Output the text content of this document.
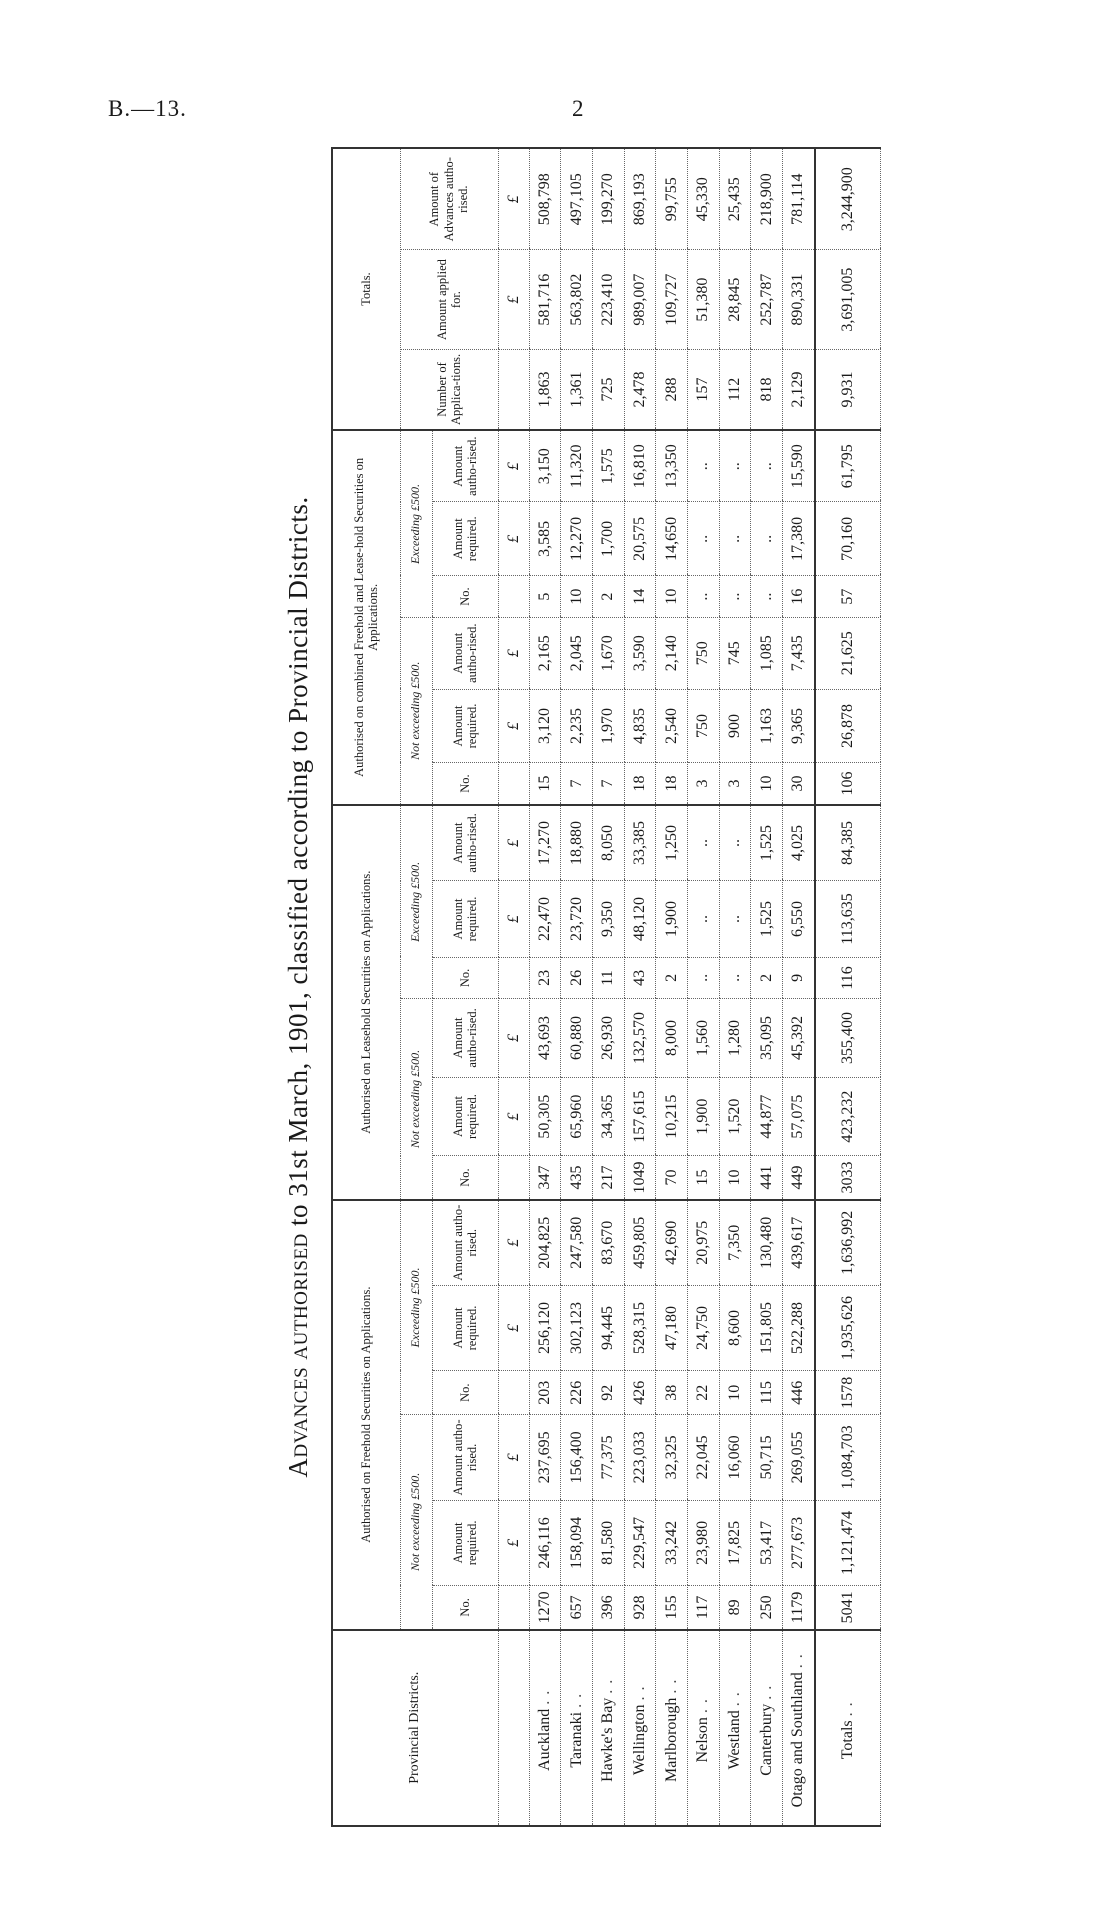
B.—13.	2
Advances authorised to 31st March, 1901, classified according to Provincial Districts.
Provincial Districts.	Authorised on Freehold Securities on Applications.						Authorised on Leasehold Securities on Applications.						Authorised on combined Freehold and Lease-hold Securities on Applications.						Totals.		
	Not exceeding £500.			Exceeding £500.			Not exceeding £500.			Exceeding £500.			Not exceeding £500.			Exceeding £500.			Number of Applica-tions.	Amount applied for.	Amount of Advances autho-rised.
	No.	Amount required.	Amount autho-rised.	No.	Amount required.	Amount autho-rised.	No.	Amount required.	Amount autho-rised.	No.	Amount required.	Amount autho-rised.	No.	Amount required.	Amount autho-rised.	No.	Amount required.	Amount autho-rised.			
		£	£		£	£		£	£		£	£		£	£		£	£		£	£
Auckland..	1270	246,116	237,695	203	256,120	204,825	347	50,305	43,693	23	22,470	17,270	15	3,120	2,165	5	3,585	3,150	1,863	581,716	508,798
Taranaki..	657	158,094	156,400	226	302,123	247,580	435	65,960	60,880	26	23,720	18,880	7	2,235	2,045	10	12,270	11,320	1,361	563,802	497,105
Hawke's Bay..	396	81,580	77,375	92	94,445	83,670	217	34,365	26,930	11	9,350	8,050	7	1,970	1,670	2	1,700	1,575	725	223,410	199,270
Wellington..	928	229,547	223,033	426	528,315	459,805	1049	157,615	132,570	43	48,120	33,385	18	4,835	3,590	14	20,575	16,810	2,478	989,007	869,193
Marlborough..	155	33,242	32,325	38	47,180	42,690	70	10,215	8,000	2	1,900	1,250	18	2,540	2,140	10	14,650	13,350	288	109,727	99,755
Nelson..	117	23,980	22,045	22	24,750	20,975	15	1,900	1,560	..	..	..	3	750	750	..	..	..	157	51,380	45,330
Westland..	89	17,825	16,060	10	8,600	7,350	10	1,520	1,280	..	..	..	3	900	745	..	..	..	112	28,845	25,435
Canterbury..	250	53,417	50,715	115	151,805	130,480	441	44,877	35,095	2	1,525	1,525	10	1,163	1,085	..	..	..	818	252,787	218,900
Otago and Southland..	1179	277,673	269,055	446	522,288	439,617	449	57,075	45,392	9	6,550	4,025	30	9,365	7,435	16	17,380	15,590	2,129	890,331	781,114
Totals..	5041	1,121,474	1,084,703	1578	1,935,626	1,636,992	3033	423,232	355,400	116	113,635	84,385	106	26,878	21,625	57	70,160	61,795	9,931	3,691,005	3,244,900
